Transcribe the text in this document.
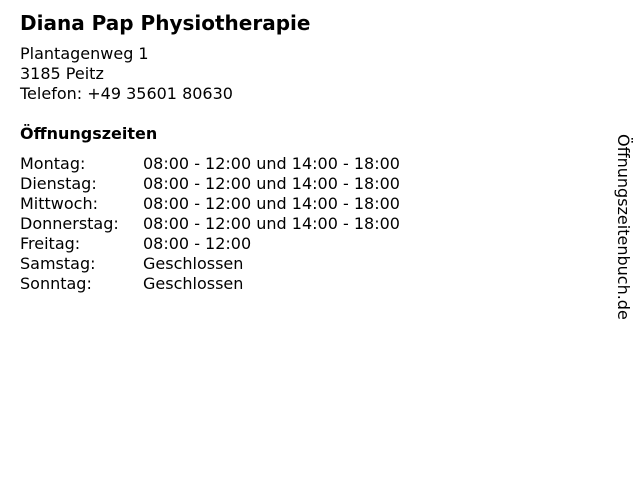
Diana Pap Physiotherapie
Plantagenweg 1
3185 Peitz
Telefon: +49 35601 80630
Öffnungszeiten
Montag:	08:00 - 12:00 und 14:00 - 18:00
Dienstag:	08:00 - 12:00 und 14:00 - 18:00
Mittwoch:	08:00 - 12:00 und 14:00 - 18:00
Donnerstag:	08:00 - 12:00 und 14:00 - 18:00
Freitag:	08:00 - 12:00
Samstag:	Geschlossen
Sonntag:	Geschlossen	Öffnungszeitenbuch.de
